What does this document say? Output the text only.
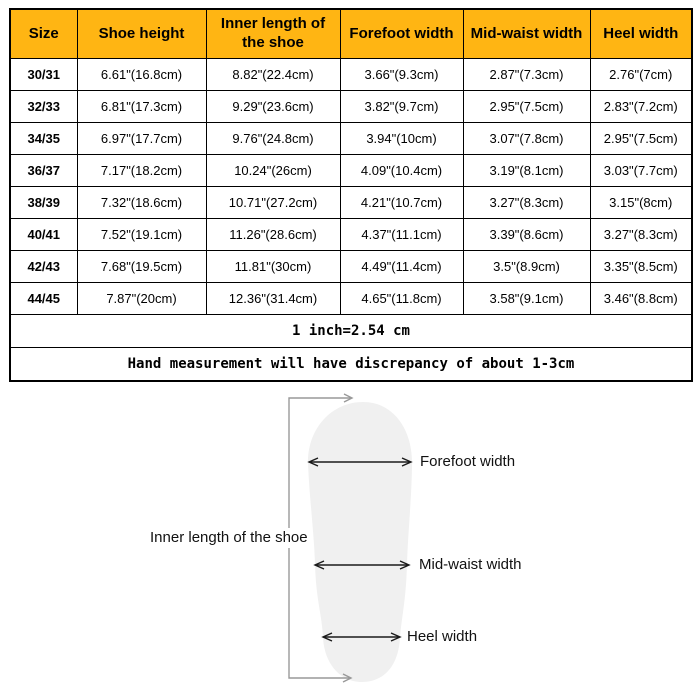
Size	Shoe height	Inner length of the shoe	Forefoot width	Mid-waist width	Heel width
30/31	6.61"(16.8cm)	8.82"(22.4cm)	3.66"(9.3cm)	2.87"(7.3cm)	2.76"(7cm)
32/33	6.81"(17.3cm)	9.29"(23.6cm)	3.82"(9.7cm)	2.95"(7.5cm)	2.83"(7.2cm)
34/35	6.97"(17.7cm)	9.76"(24.8cm)	3.94"(10cm)	3.07"(7.8cm)	2.95"(7.5cm)
36/37	7.17"(18.2cm)	10.24"(26cm)	4.09"(10.4cm)	3.19"(8.1cm)	3.03"(7.7cm)
38/39	7.32"(18.6cm)	10.71"(27.2cm)	4.21"(10.7cm)	3.27"(8.3cm)	3.15"(8cm)
40/41	7.52"(19.1cm)	11.26"(28.6cm)	4.37"(11.1cm)	3.39"(8.6cm)	3.27"(8.3cm)
42/43	7.68"(19.5cm)	11.81"(30cm)	4.49"(11.4cm)	3.5"(8.9cm)	3.35"(8.5cm)
44/45	7.87"(20cm)	12.36"(31.4cm)	4.65"(11.8cm)	3.58"(9.1cm)	3.46"(8.8cm)
1 inch=2.54 cm					
Hand measurement will have discrepancy of about 1-3cm					
Inner length of the shoe
Forefoot width
Mid-waist width
Heel width
